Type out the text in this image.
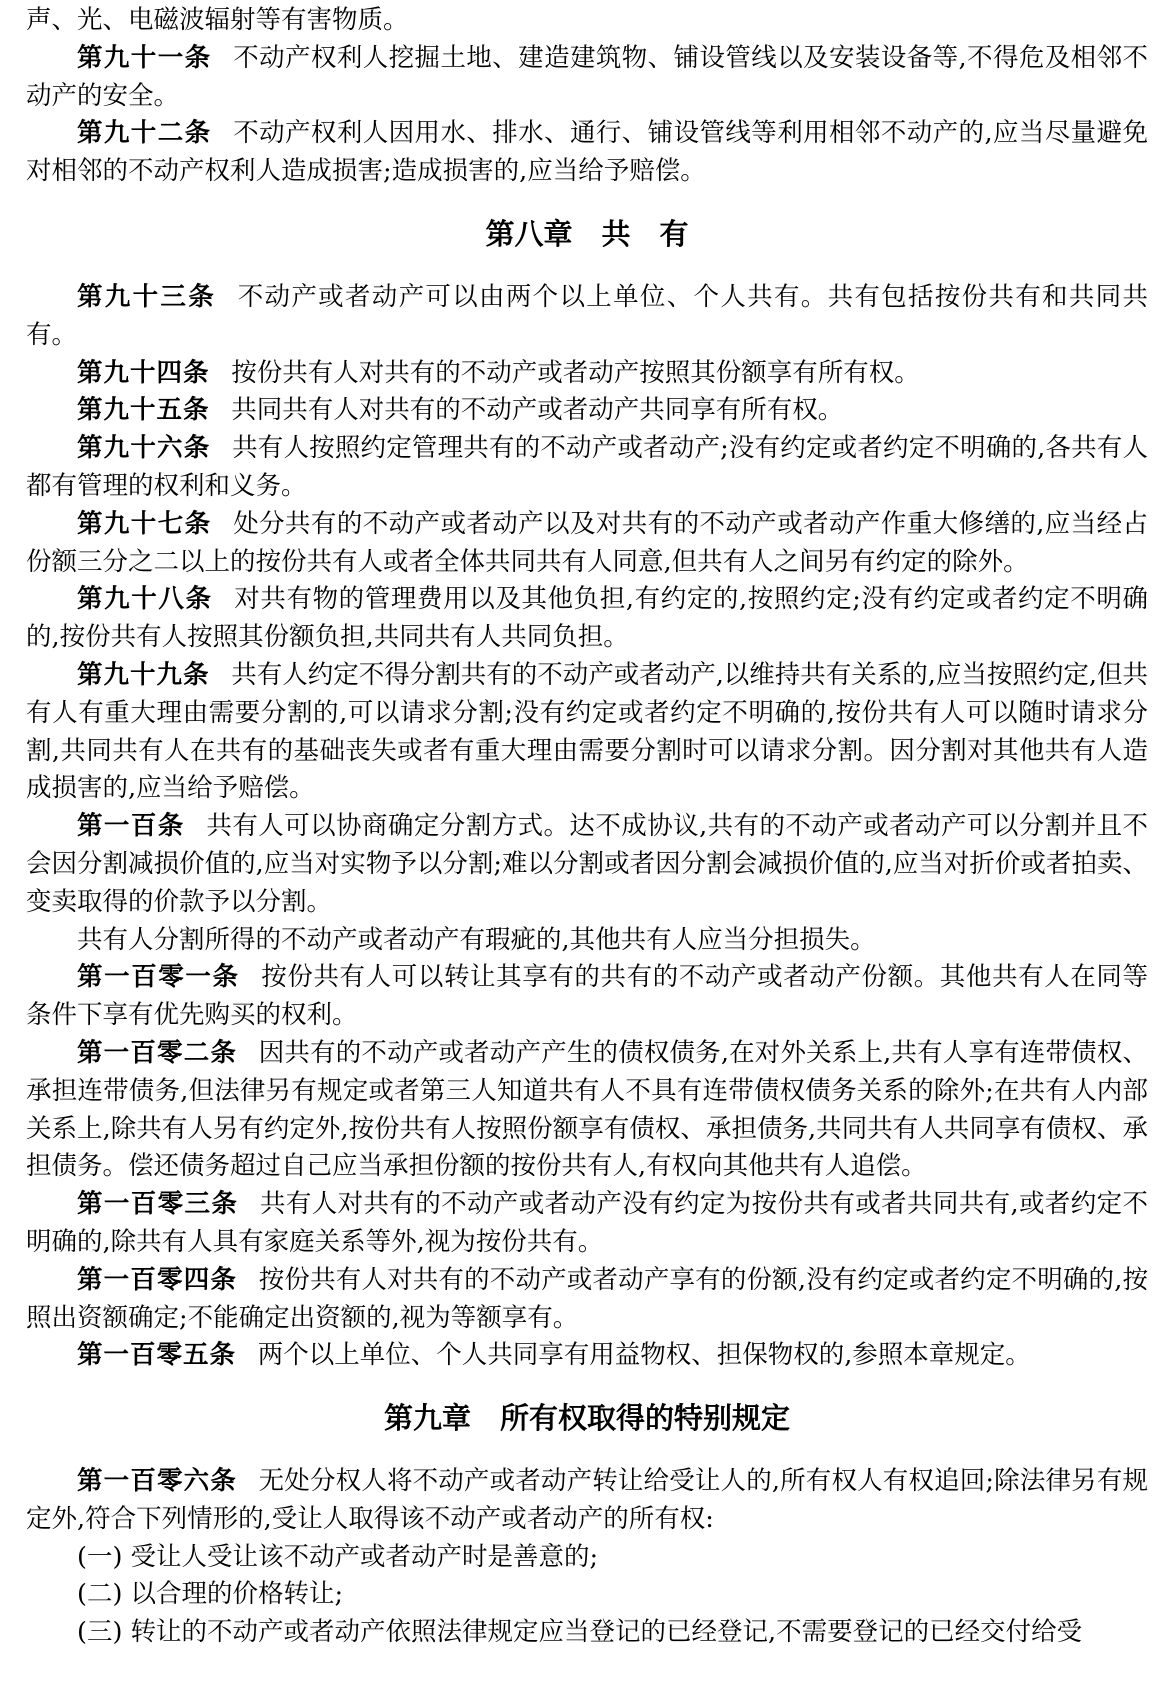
声、光、电磁波辐射等有害物质。

第九十一条 不动产权利人挖掘土地、建造建筑物、铺设管线以及安装设备等,不得危及相邻不动产的安全。

第九十二条 不动产权利人因用水、排水、通行、铺设管线等利用相邻不动产的,应当尽量避免对相邻的不动产权利人造成损害;造成损害的,应当给予赔偿。

第八章　共　有

第九十三条 不动产或者动产可以由两个以上单位、个人共有。共有包括按份共有和共同共有。

第九十四条 按份共有人对共有的不动产或者动产按照其份额享有所有权。

第九十五条 共同共有人对共有的不动产或者动产共同享有所有权。

第九十六条 共有人按照约定管理共有的不动产或者动产;没有约定或者约定不明确的,各共有人都有管理的权利和义务。

第九十七条 处分共有的不动产或者动产以及对共有的不动产或者动产作重大修缮的,应当经占份额三分之二以上的按份共有人或者全体共同共有人同意,但共有人之间另有约定的除外。

第九十八条 对共有物的管理费用以及其他负担,有约定的,按照约定;没有约定或者约定不明确的,按份共有人按照其份额负担,共同共有人共同负担。

第九十九条 共有人约定不得分割共有的不动产或者动产,以维持共有关系的,应当按照约定,但共有人有重大理由需要分割的,可以请求分割;没有约定或者约定不明确的,按份共有人可以随时请求分割,共同共有人在共有的基础丧失或者有重大理由需要分割时可以请求分割。因分割对其他共有人造成损害的,应当给予赔偿。

第一百条 共有人可以协商确定分割方式。达不成协议,共有的不动产或者动产可以分割并且不会因分割减损价值的,应当对实物予以分割;难以分割或者因分割会减损价值的,应当对折价或者拍卖、变卖取得的价款予以分割。

共有人分割所得的不动产或者动产有瑕疵的,其他共有人应当分担损失。

第一百零一条 按份共有人可以转让其享有的共有的不动产或者动产份额。其他共有人在同等条件下享有优先购买的权利。

第一百零二条 因共有的不动产或者动产产生的债权债务,在对外关系上,共有人享有连带债权、承担连带债务,但法律另有规定或者第三人知道共有人不具有连带债权债务关系的除外;在共有人内部关系上,除共有人另有约定外,按份共有人按照份额享有债权、承担债务,共同共有人共同享有债权、承担债务。偿还债务超过自己应当承担份额的按份共有人,有权向其他共有人追偿。

第一百零三条 共有人对共有的不动产或者动产没有约定为按份共有或者共同共有,或者约定不明确的,除共有人具有家庭关系等外,视为按份共有。

第一百零四条 按份共有人对共有的不动产或者动产享有的份额,没有约定或者约定不明确的,按照出资额确定;不能确定出资额的,视为等额享有。

第一百零五条 两个以上单位、个人共同享有用益物权、担保物权的,参照本章规定。

第九章　所有权取得的特别规定

第一百零六条 无处分权人将不动产或者动产转让给受让人的,所有权人有权追回;除法律另有规定外,符合下列情形的,受让人取得该不动产或者动产的所有权:

(一) 受让人受让该不动产或者动产时是善意的;

(二) 以合理的价格转让;

(三) 转让的不动产或者动产依照法律规定应当登记的已经登记,不需要登记的已经交付给受
